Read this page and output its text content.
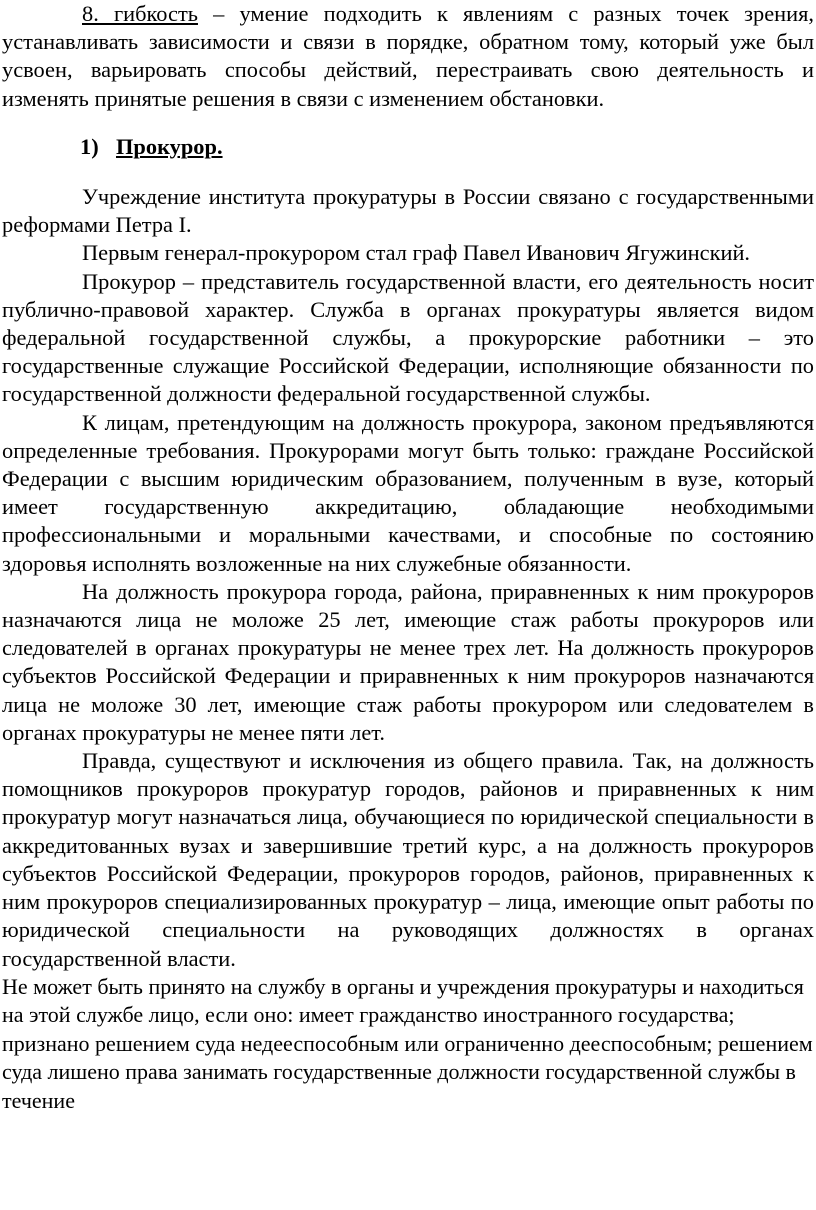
8. гибкость – умение подходить к явлениям с разных точек зрения, устанавливать зависимости и связи в порядке, обратном тому, который уже был усвоен, варьировать способы действий, перестраивать свою деятельность и изменять принятые решения в связи с изменением обстановки.

1) Прокурор.

Учреждение института прокуратуры в России связано с государственными реформами Петра I.

Первым генерал-прокурором стал граф Павел Иванович Ягужинский.

Прокурор – представитель государственной власти, его деятельность носит публично-правовой характер. Служба в органах прокуратуры является видом федеральной государственной службы, а прокурорские работники – это государственные служащие Российской Федерации, исполняющие обязанности по государственной должности федеральной государственной службы.

К лицам, претендующим на должность прокурора, законом предъявляются определенные требования. Прокурорами могут быть только: граждане Российской Федерации с высшим юридическим образованием, полученным в вузе, который имеет государственную аккредитацию, обладающие необходимыми профессиональными и моральными качествами, и способные по состоянию здоровья исполнять возложенные на них служебные обязанности.

На должность прокурора города, района, приравненных к ним прокуроров назначаются лица не моложе 25 лет, имеющие стаж работы прокуроров или следователей в органах прокуратуры не менее трех лет. На должность прокуроров субъектов Российской Федерации и приравненных к ним прокуроров назначаются лица не моложе 30 лет, имеющие стаж работы прокурором или следователем в органах прокуратуры не менее пяти лет.

Правда, существуют и исключения из общего правила. Так, на должность помощников прокуроров прокуратур городов, районов и приравненных к ним прокуратур могут назначаться лица, обучающиеся по юридической специальности в аккредитованных вузах и завершившие третий курс, а на должность прокуроров субъектов Российской Федерации, прокуроров городов, районов, приравненных к ним прокуроров специализированных прокуратур – лица, имеющие опыт работы по юридической специальности на руководящих должностях в органах государственной власти.

Не может быть принято на службу в органы и учреждения прокуратуры и находиться на этой службе лицо, если оно: имеет гражданство иностранного государства; признано решением суда недееспособным или ограниченно дееспособным; решением суда лишено права занимать государственные должности государственной службы в течение
